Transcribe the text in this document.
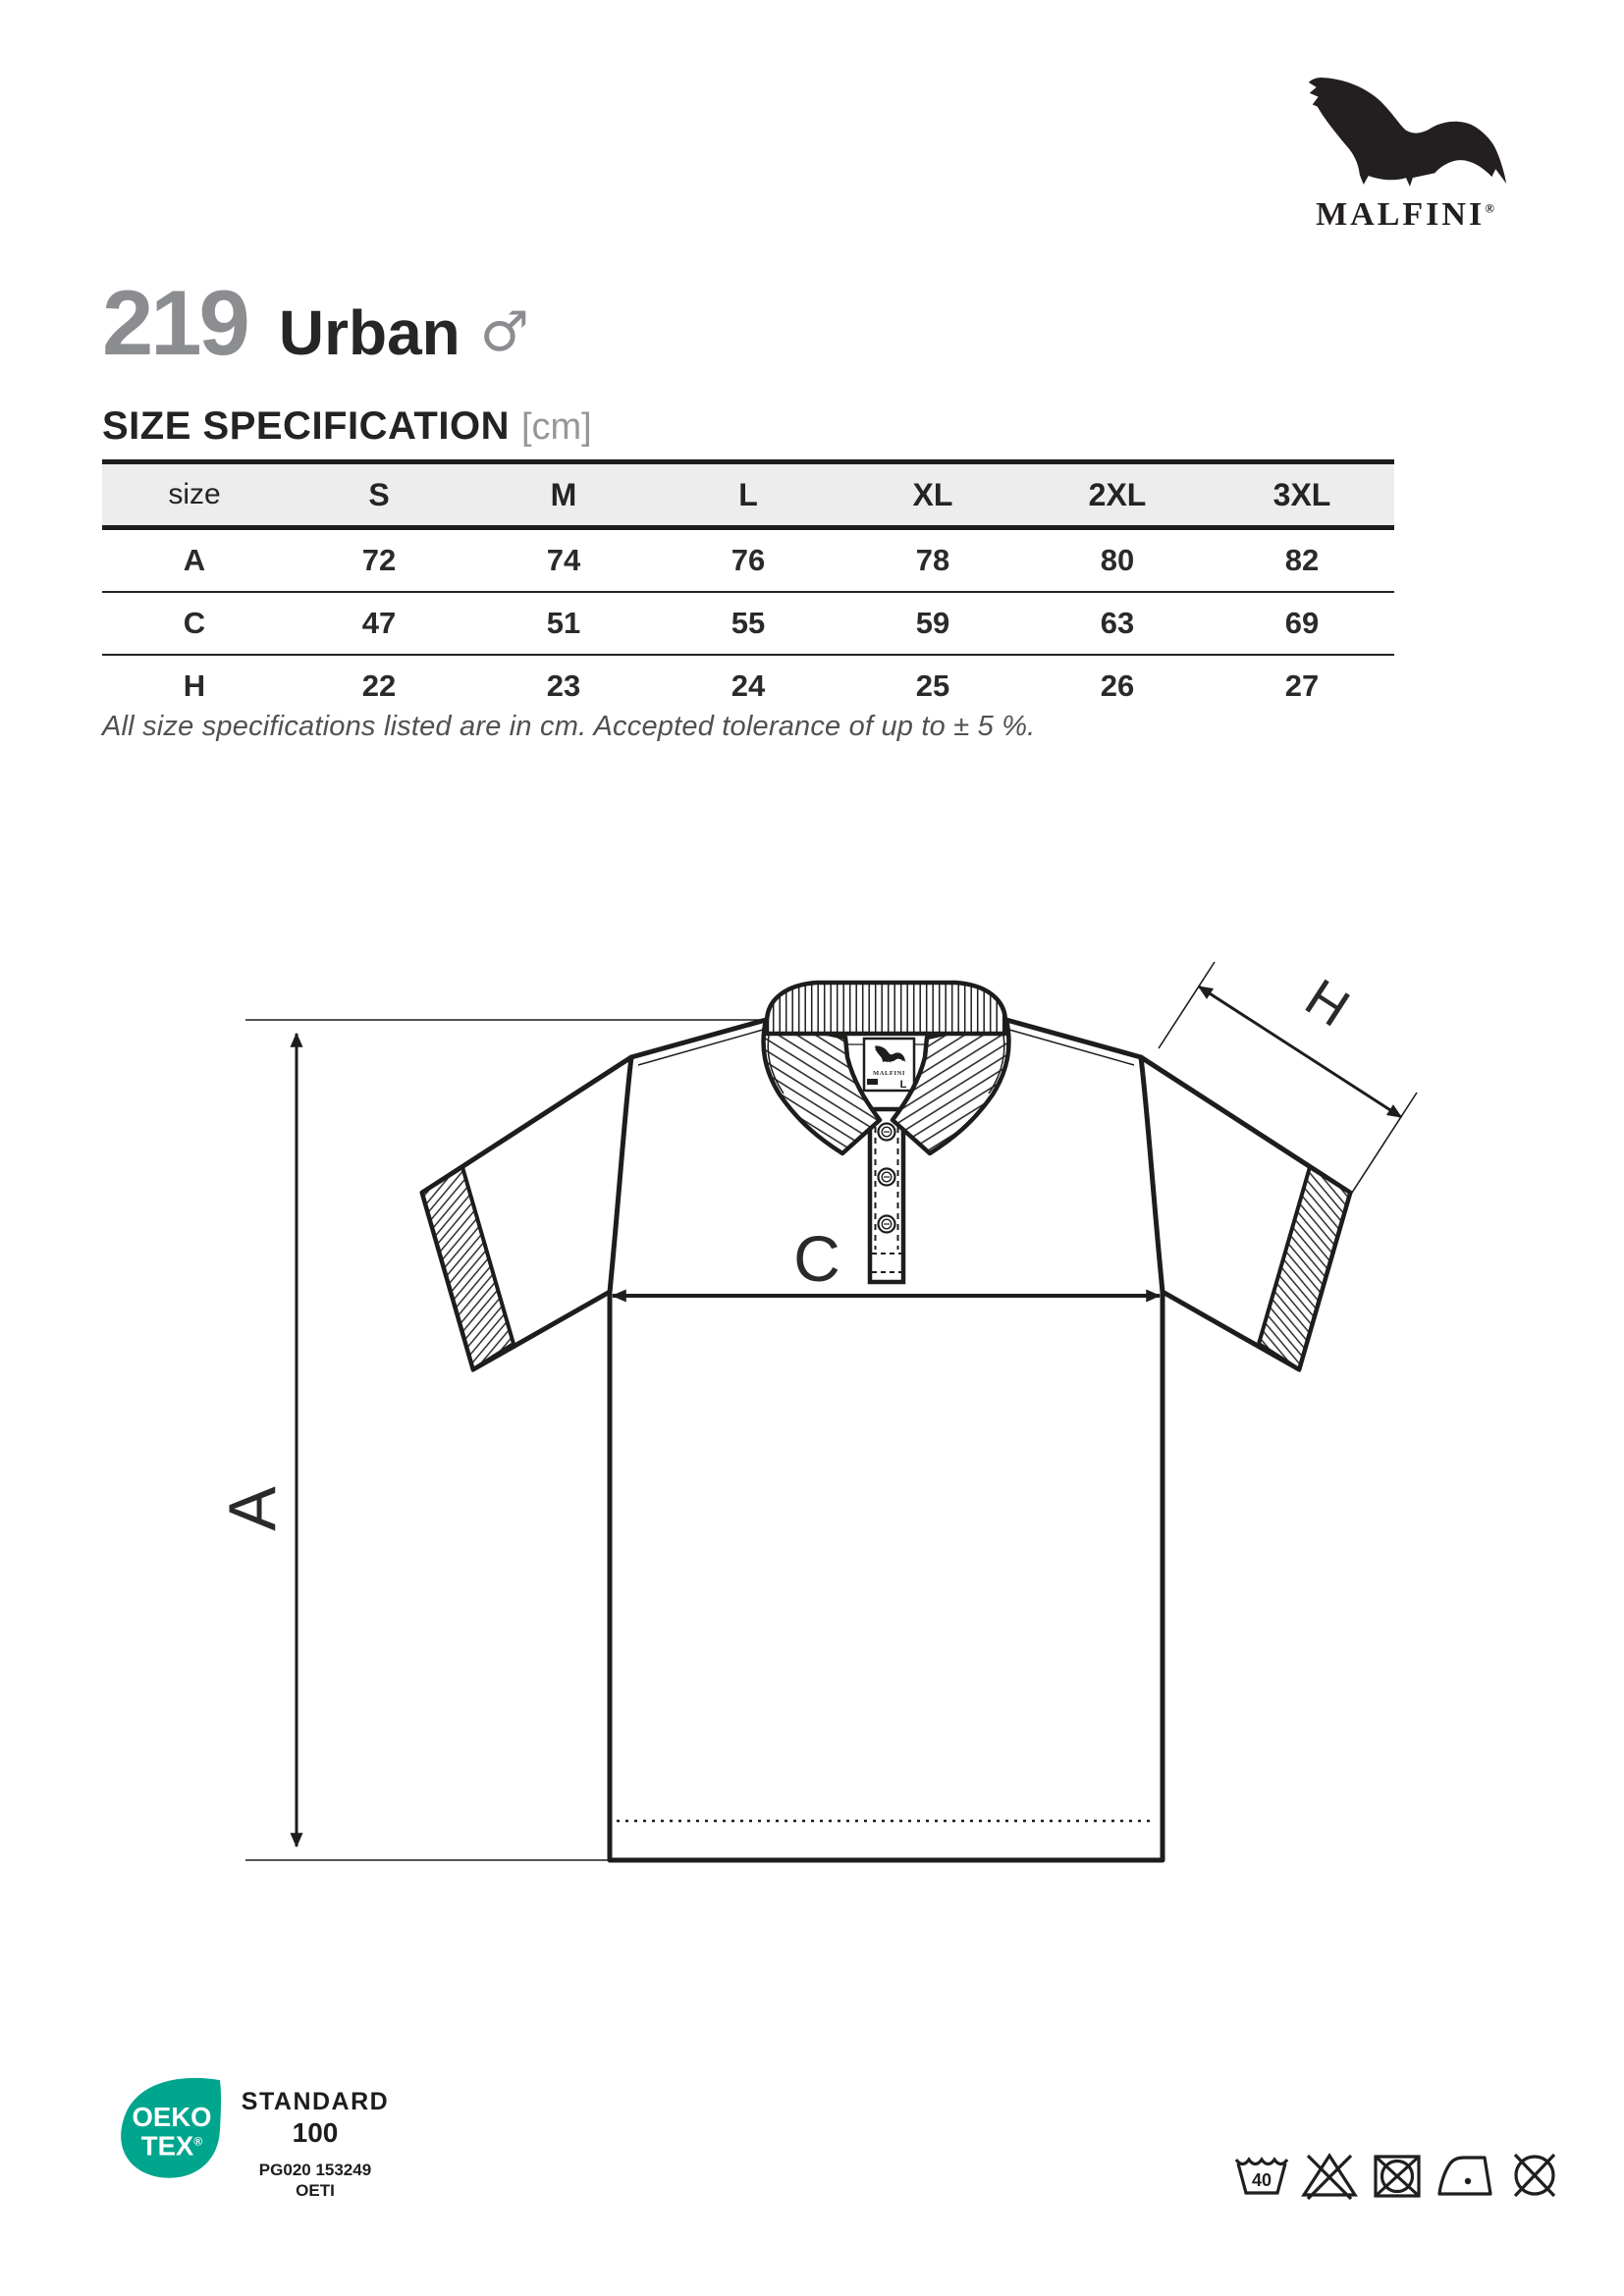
MALFINI®
219 Urban ♂
SIZE SPECIFICATION [cm]
size	S	M	L	XL	2XL	3XL
A	72	74	76	78	80	82
C	47	51	55	59	63	69
H	22	23	24	25	26	27
All size specifications listed are in cm. Accepted tolerance of up to ± 5 %.
A
MALFINI
L
C
H
OEKO
TEX®
STANDARD
100
PG020 153249
OETI
40
